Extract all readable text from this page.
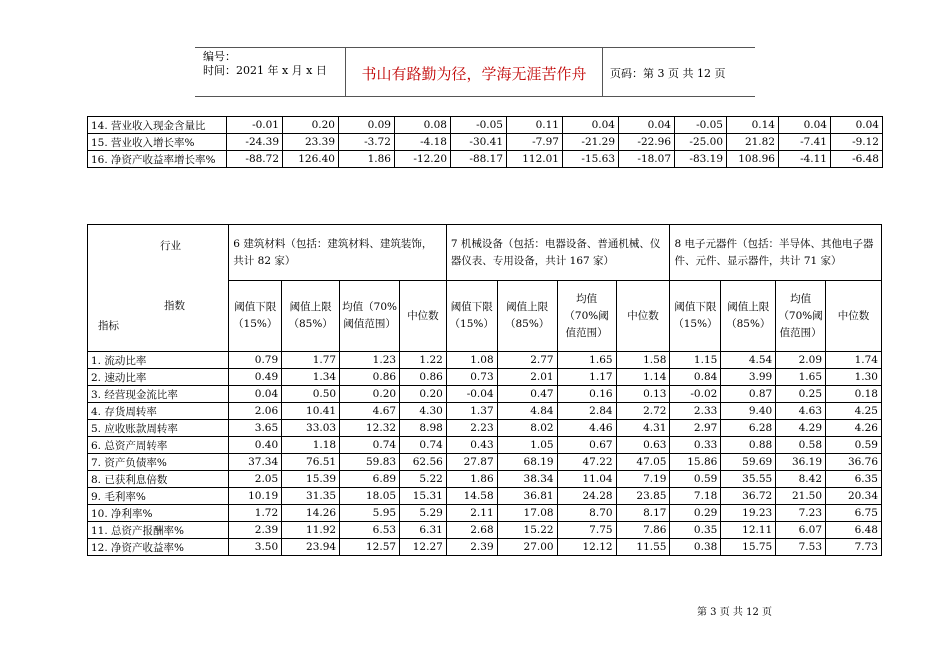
编号：
时间：2021 年 x 月 x 日	书山有路勤为径，学海无涯苦作舟	页码：第 3 页 共 12 页
14. 营业收入现金含量比	-0.01	0.20	0.09	0.08	-0.05	0.11	0.04	0.04	-0.05	0.14	0.04	0.04
15. 营业收入增长率%	-24.39	23.39	-3.72	-4.18	-30.41	-7.97	-21.29	-22.96	-25.00	21.82	-7.41	-9.12
16. 净资产收益率增长率%	-88.72	126.40	1.86	-12.20	-88.17	112.01	-15.63	-18.07	-83.19	108.96	-4.11	-6.48
行业
指数
指标	6 建筑材料（包括：建筑材料、建筑装饰，共计 82 家）				7 机械设备（包括：电器设备、普通机械、仪器仪表、专用设备，共计 167 家）				8 电子元器件（包括：半导体、其他电子器件、元件、显示器件，共计 71 家）			
	阈值下限（15%）	阈值上限（85%）	均值（70%阈值范围）	中位数	阈值下限（15%）	阈值上限（85%）	均值（70%阈值范围）	中位数	阈值下限（15%）	阈值上限（85%）	均值（70%阈值范围）	中位数
1. 流动比率	0.79	1.77	1.23	1.22	1.08	2.77	1.65	1.58	1.15	4.54	2.09	1.74
2. 速动比率	0.49	1.34	0.86	0.86	0.73	2.01	1.17	1.14	0.84	3.99	1.65	1.30
3. 经营现金流比率	0.04	0.50	0.20	0.20	-0.04	0.47	0.16	0.13	-0.02	0.87	0.25	0.18
4. 存货周转率	2.06	10.41	4.67	4.30	1.37	4.84	2.84	2.72	2.33	9.40	4.63	4.25
5. 应收账款周转率	3.65	33.03	12.32	8.98	2.23	8.02	4.46	4.31	2.97	6.28	4.29	4.26
6. 总资产周转率	0.40	1.18	0.74	0.74	0.43	1.05	0.67	0.63	0.33	0.88	0.58	0.59
7. 资产负债率%	37.34	76.51	59.83	62.56	27.87	68.19	47.22	47.05	15.86	59.69	36.19	36.76
8. 已获利息倍数	2.05	15.39	6.89	5.22	1.86	38.34	11.04	7.19	0.59	35.55	8.42	6.35
9. 毛利率%	10.19	31.35	18.05	15.31	14.58	36.81	24.28	23.85	7.18	36.72	21.50	20.34
10. 净利率%	1.72	14.26	5.95	5.29	2.11	17.08	8.70	8.17	0.29	19.23	7.23	6.75
11. 总资产报酬率%	2.39	11.92	6.53	6.31	2.68	15.22	7.75	7.86	0.35	12.11	6.07	6.48
12. 净资产收益率%	3.50	23.94	12.57	12.27	2.39	27.00	12.12	11.55	0.38	15.75	7.53	7.73
第 3 页 共 12 页
